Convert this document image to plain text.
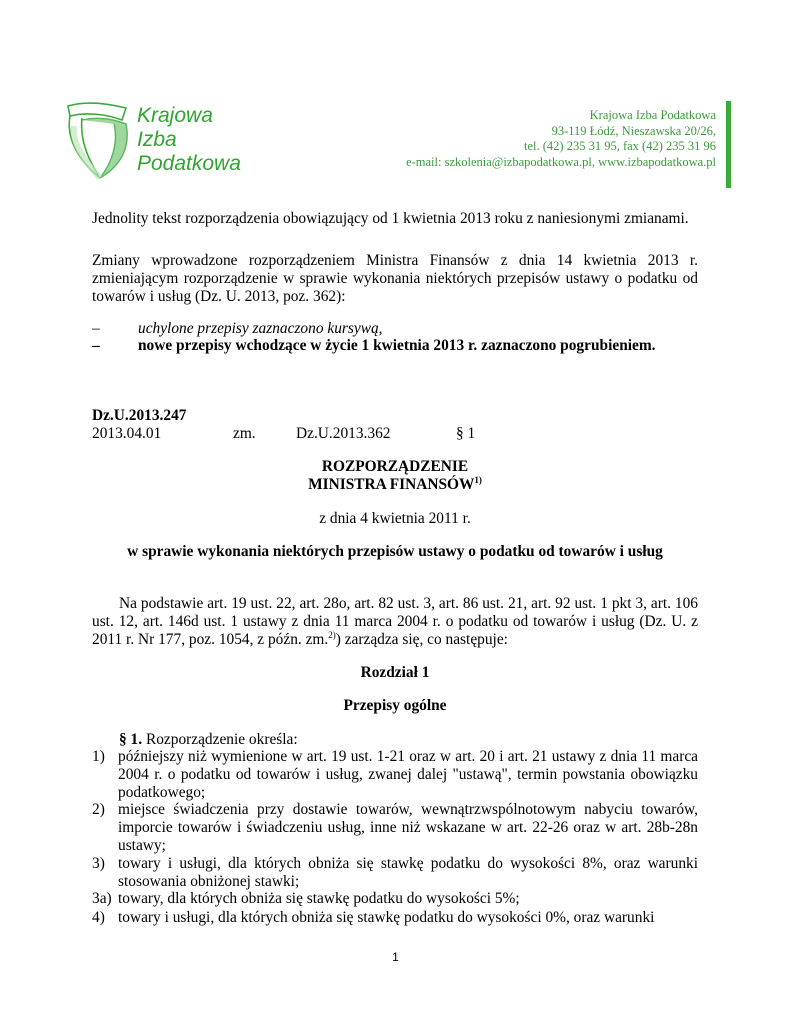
Krajowa
Izba
Podatkowa
Krajowa Izba Podatkowa
93-119 Łódź, Nieszawska 20/26,
tel. (42) 235 31 95, fax (42) 235 31 96
e-mail: szkolenia@izbapodatkowa.pl, www.izbapodatkowa.pl
Jednolity tekst rozporządzenia obowiązujący od 1 kwietnia 2013 roku z naniesionymi zmianami.
Zmiany wprowadzone rozporządzeniem Ministra Finansów z dnia 14 kwietnia 2013 r. zmieniającym rozporządzenie w sprawie wykonania niektórych przepisów ustawy o podatku od towarów i usług (Dz. U. 2013, poz. 362):
– uchylone przepisy zaznaczono kursywą,
– nowe przepisy wchodzące w życie 1 kwietnia 2013 r. zaznaczono pogrubieniem.
Dz.U.2013.247
2013.04.01	zm.	Dz.U.2013.362	§ 1
ROZPORZĄDZENIE
MINISTRA FINANSÓW$^{1)}$
z dnia 4 kwietnia 2011 r.
w sprawie wykonania niektórych przepisów ustawy o podatku od towarów i usług
Na podstawie art. 19 ust. 22, art. 28o, art. 82 ust. 3, art. 86 ust. 21, art. 92 ust. 1 pkt 3, art. 106 ust. 12, art. 146d ust. 1 ustawy z dnia 11 marca 2004 r. o podatku od towarów i usług (Dz. U. z 2011 r. Nr 177, poz. 1054, z późn. zm.$^{2)}$) zarządza się, co następuje:
Rozdział 1
Przepisy ogólne
§ 1. Rozporządzenie określa:
1) późniejszy niż wymienione w art. 19 ust. 1-21 oraz w art. 20 i art. 21 ustawy z dnia 11 marca 2004 r. o podatku od towarów i usług, zwanej dalej "ustawą", termin powstania obowiązku podatkowego;
2) miejsce świadczenia przy dostawie towarów, wewnątrzwspólnotowym nabyciu towarów, imporcie towarów i świadczeniu usług, inne niż wskazane w art. 22-26 oraz w art. 28b-28n ustawy;
3) towary i usługi, dla których obniża się stawkę podatku do wysokości 8%, oraz warunki stosowania obniżonej stawki;
3a) towary, dla których obniża się stawkę podatku do wysokości 5%;
4) towary i usługi, dla których obniża się stawkę podatku do wysokości 0%, oraz warunki
1
